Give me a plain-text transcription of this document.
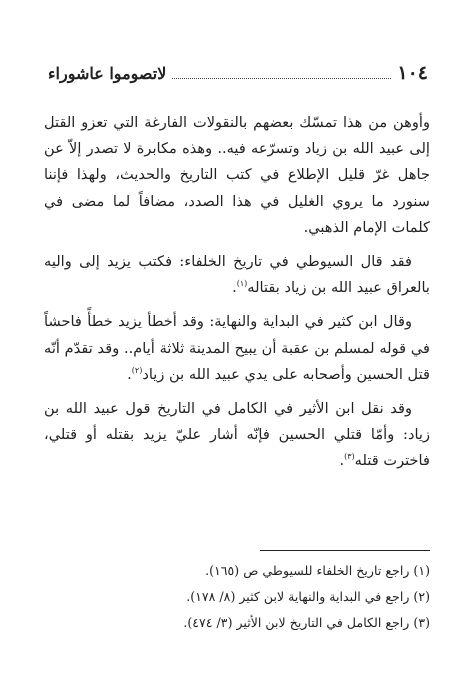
١٠٤
لاتصوموا عاشوراء

وأوهن من هذا تمسّك بعضهم بالنقولات الفارغة التي تعزو القتل إلى عبيد الله بن زياد وتسرّعه فيه.. وهذه مكابرة لا تصدر إلاّ عن جاهل غرّ قليل الإطلاع في كتب التاريخ والحديث، ولهذا فإننا سنورد ما يروي الغليل في هذا الصدد، مضافاً لما مضى في كلمات الإمام الذهبي.

فقد قال السيوطي في تاريخ الخلفاء: فكتب يزيد إلى واليه بالعراق عبيد الله بن زياد بقتاله$^{(١)}$.

وقال ابن كثير في البداية والنهاية: وقد أخطأ يزيد خطأً فاحشاً في قوله لمسلم بن عقبة أن يبيح المدينة ثلاثة أيام.. وقد تقدّم أنّه قتل الحسين وأصحابه على يدي عبيد الله بن زياد$^{(٢)}$.

وقد نقل ابن الأثير في الكامل في التاريخ قول عبيد الله بن زياد: وأمّا قتلي الحسين فإنّه أشار عليّ يزيد بقتله أو قتلي، فاخترت قتله$^{(٣)}$.

(١) راجع تاريخ الخلفاء للسيوطي ص (١٦٥).
(٢) راجع في البداية والنهاية لابن كثير (٨/ ١٧٨).
(٣) راجع الكامل في التاريخ لابن الأثير (٣/ ٤٧٤).
